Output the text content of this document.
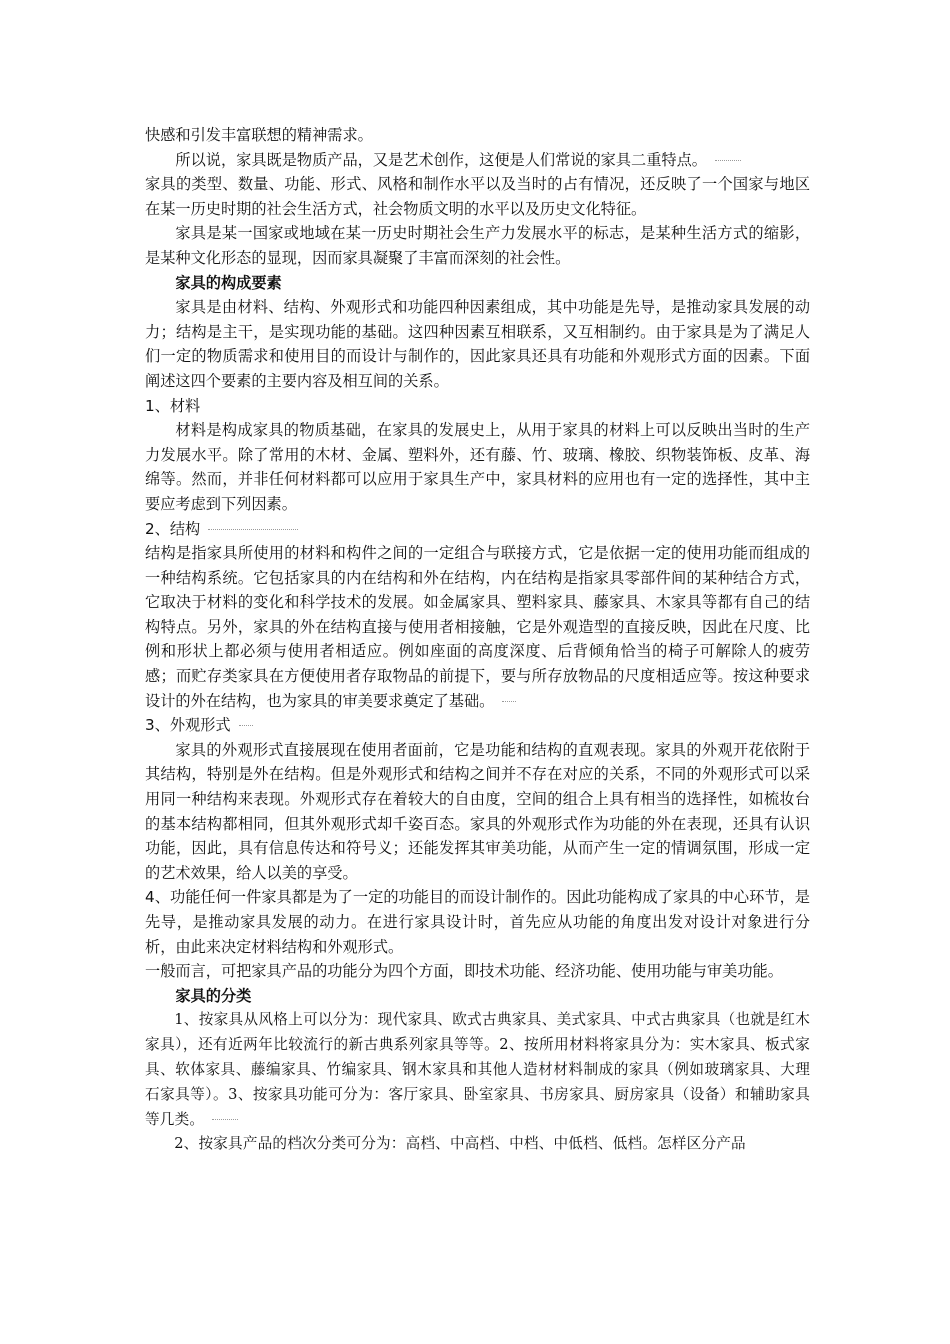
快感和引发丰富联想的精神需求。

所以说，家具既是物质产品，又是艺术创作，这便是人们常说的家具二重特点。

家具的类型、数量、功能、形式、风格和制作水平以及当时的占有情况，还反映了一个国家与地区在某一历史时期的社会生活方式，社会物质文明的水平以及历史文化特征。

家具是某一国家或地域在某一历史时期社会生产力发展水平的标志，是某种生活方式的缩影，是某种文化形态的显现，因而家具凝聚了丰富而深刻的社会性。

家具的构成要素

家具是由材料、结构、外观形式和功能四种因素组成，其中功能是先导，是推动家具发展的动力；结构是主干，是实现功能的基础。这四种因素互相联系，又互相制约。由于家具是为了满足人们一定的物质需求和使用目的而设计与制作的，因此家具还具有功能和外观形式方面的因素。下面阐述这四个要素的主要内容及相互间的关系。

1、材料

材料是构成家具的物质基础，在家具的发展史上，从用于家具的材料上可以反映出当时的生产力发展水平。除了常用的木材、金属、塑料外，还有藤、竹、玻璃、橡胶、织物装饰板、皮革、海绵等。然而，并非任何材料都可以应用于家具生产中，家具材料的应用也有一定的选择性，其中主要应考虑到下列因素。

2、结构

结构是指家具所使用的材料和构件之间的一定组合与联接方式，它是依据一定的使用功能而组成的一种结构系统。它包括家具的内在结构和外在结构，内在结构是指家具零部件间的某种结合方式，它取决于材料的变化和科学技术的发展。如金属家具、塑料家具、藤家具、木家具等都有自己的结构特点。另外，家具的外在结构直接与使用者相接触，它是外观造型的直接反映，因此在尺度、比例和形状上都必须与使用者相适应。例如座面的高度深度、后背倾角恰当的椅子可解除人的疲劳感；而贮存类家具在方便使用者存取物品的前提下，要与所存放物品的尺度相适应等。按这种要求设计的外在结构，也为家具的审美要求奠定了基础。

3、外观形式

家具的外观形式直接展现在使用者面前，它是功能和结构的直观表现。家具的外观开花依附于其结构，特别是外在结构。但是外观形式和结构之间并不存在对应的关系，不同的外观形式可以采用同一种结构来表现。外观形式存在着较大的自由度，空间的组合上具有相当的选择性，如梳妆台的基本结构都相同，但其外观形式却千姿百态。家具的外观形式作为功能的外在表现，还具有认识功能，因此，具有信息传达和符号义；还能发挥其审美功能，从而产生一定的情调氛围，形成一定的艺术效果，给人以美的享受。

4、功能任何一件家具都是为了一定的功能目的而设计制作的。因此功能构成了家具的中心环节，是先导，是推动家具发展的动力。在进行家具设计时，首先应从功能的角度出发对设计对象进行分析，由此来决定材料结构和外观形式。

一般而言，可把家具产品的功能分为四个方面，即技术功能、经济功能、使用功能与审美功能。

家具的分类

1、按家具从风格上可以分为：现代家具、欧式古典家具、美式家具、中式古典家具（也就是红木家具），还有近两年比较流行的新古典系列家具等等。2、按所用材料将家具分为：实木家具、板式家具、软体家具、藤编家具、竹编家具、钢木家具和其他人造材材料制成的家具（例如玻璃家具、大理石家具等）。3、按家具功能可分为：客厅家具、卧室家具、书房家具、厨房家具（设备）和辅助家具等几类。

2、按家具产品的档次分类可分为：高档、中高档、中档、中低档、低档。怎样区分产品
